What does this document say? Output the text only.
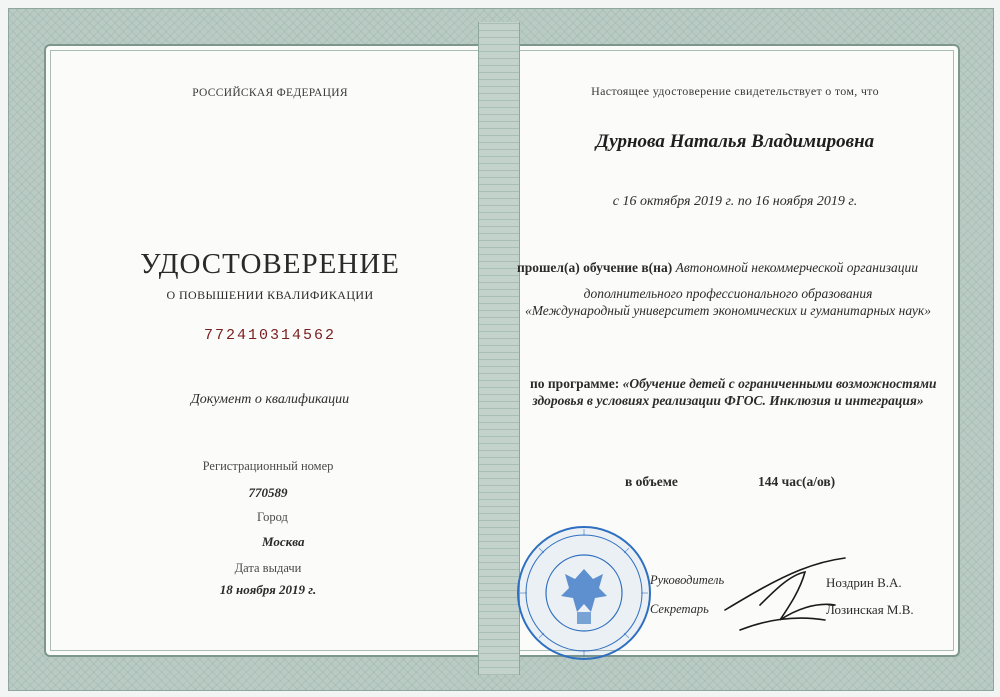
РОССИЙСКАЯ ФЕДЕРАЦИЯ
УДОСТОВЕРЕНИЕ
О ПОВЫШЕНИИ КВАЛИФИКАЦИИ
772410314562
Документ о квалификации
Регистрационный номер
770589
Город
Москва
Дата выдачи
18 ноября 2019 г.
Настоящее удостоверение свидетельствует о том, что
Дурнова Наталья Владимировна
с 16 октября 2019 г. по 16 ноября 2019 г.
прошел(а) обучение в(на) Автономной некоммерческой организации
дополнительного профессионального образования
«Международный университет экономических и гуманитарных наук»
по программе: «Обучение детей с ограниченными возможностями
здоровья в условиях реализации ФГОС. Инклюзия и интеграция»
в объеме	144 час(а/ов)
Руководитель	Ноздрин В.А.
Секретарь	Лозинская М.В.
